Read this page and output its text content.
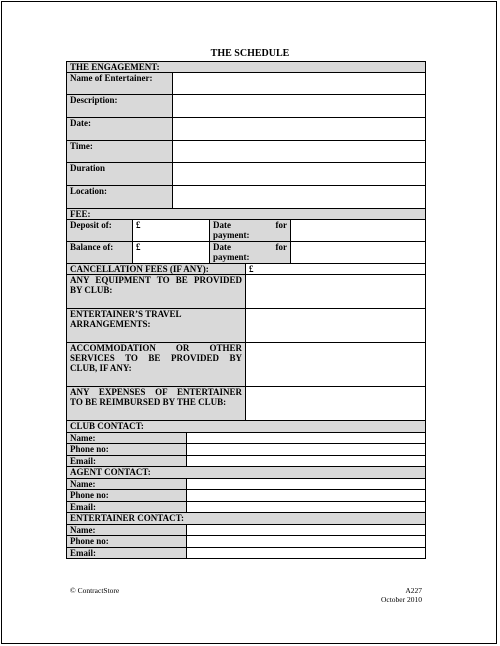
THE SCHEDULE
THE ENGAGEMENT:						
Name of Entertainer:						
Description:						
Date:						
Time:						
Duration						
Location:						
FEE:						
Deposit of:	£			Date for
payment:		

Balance of:	£			Date for
payment:		

CANCELLATION FEES (IF ANY):					£	

ANY EQUIPMENT TO BE PROVIDED
BY CLUB:						

ENTERTAINER’S TRAVEL
ARRANGEMENTS:						

ACCOMMODATION OR OTHER
SERVICES TO BE PROVIDED BY
CLUB, IF ANY:						

ANY EXPENSES OF ENTERTAINER
TO BE REIMBURSED BY THE CLUB:						

CLUB CONTACT:						
Name:						
Phone no:						
Email:						
AGENT CONTACT:						
Name:						
Phone no:						
Email:						
ENTERTAINER CONTACT:						
Name:						
Phone no:						
Email:						
© ContractStore	A227
October 2010
